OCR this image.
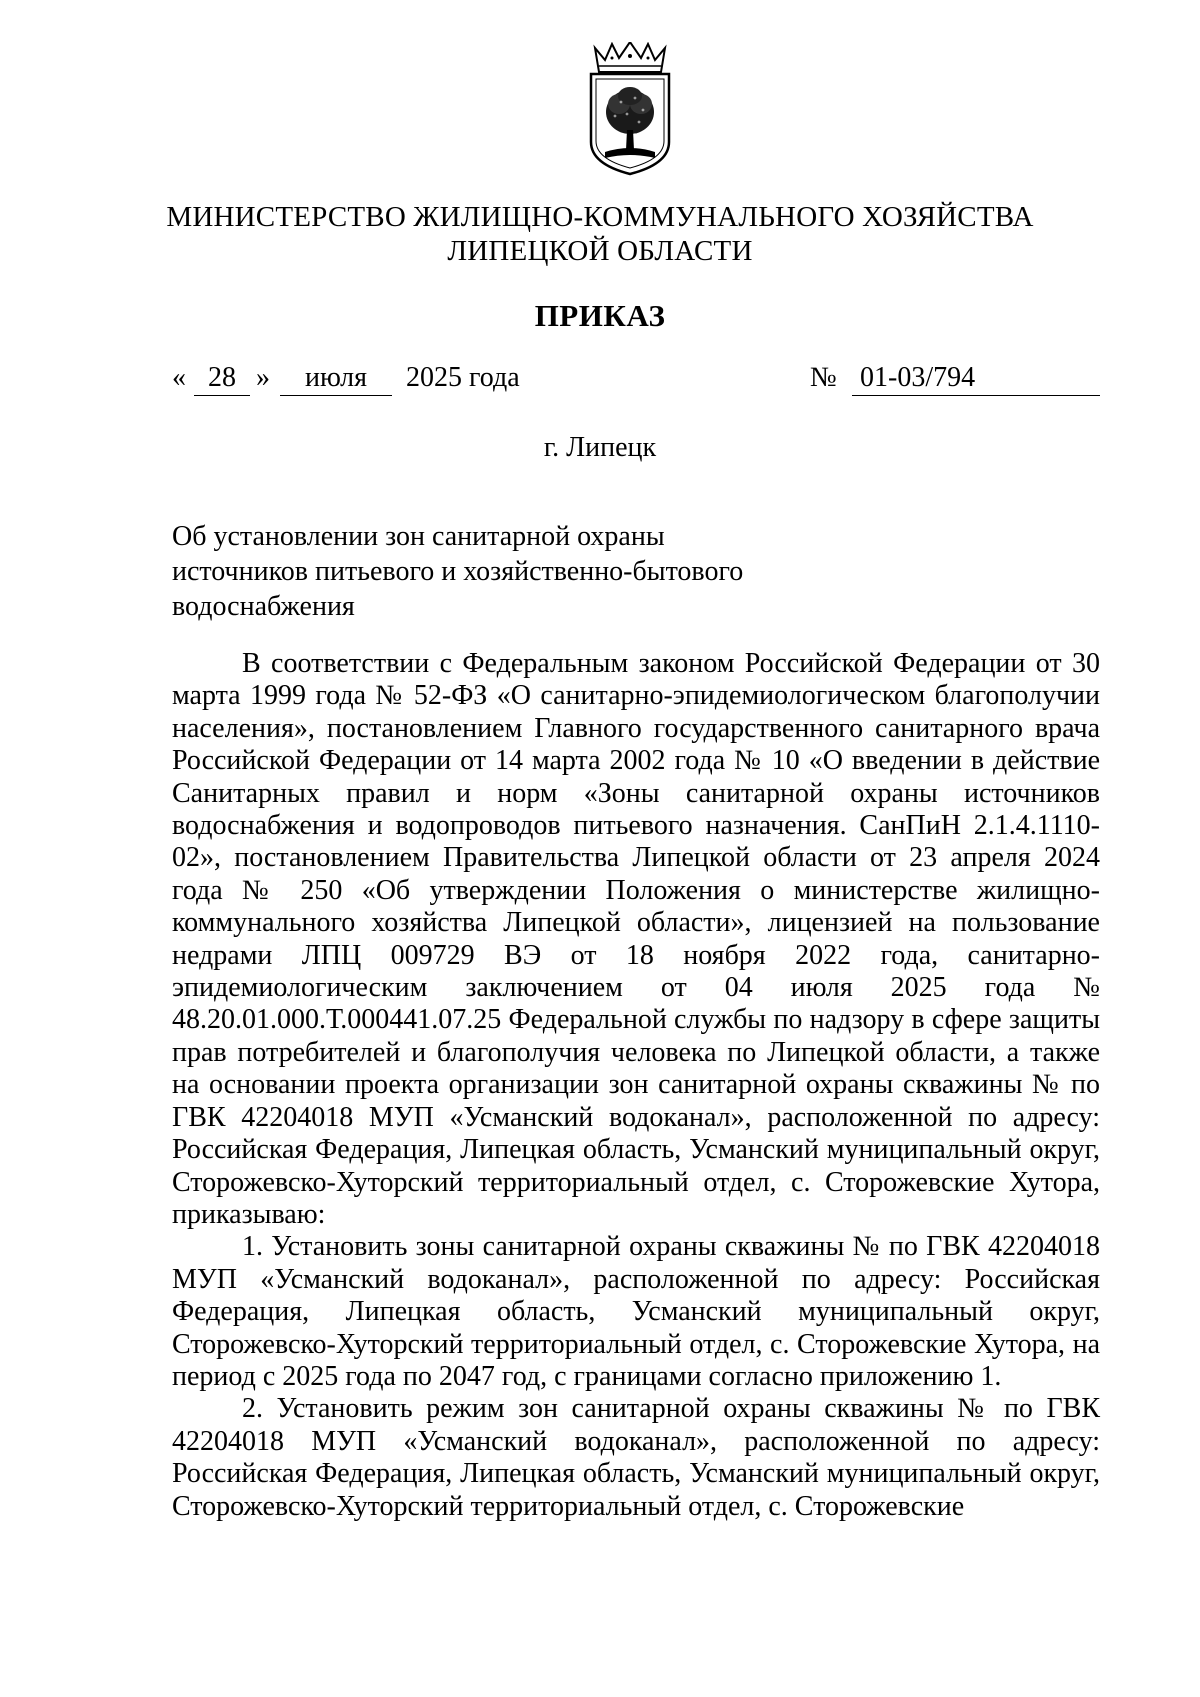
МИНИСТЕРСТВО ЖИЛИЩНО-КОММУНАЛЬНОГО ХОЗЯЙСТВА
ЛИПЕЦКОЙ ОБЛАСТИ
ПРИКАЗ
« 28 »	июля	2025 года	№ 01-03/794
г. Липецк
Об установлении зон санитарной охраны
источников питьевого и хозяйственно-бытового
водоснабжения

В соответствии с Федеральным законом Российской Федерации от 30 марта 1999 года № 52-ФЗ «О санитарно-эпидемиологическом благополучии населения», постановлением Главного государственного санитарного врача Российской Федерации от 14 марта 2002 года № 10 «О введении в действие Санитарных правил и норм «Зоны санитарной охраны источников водоснабжения и водопроводов питьевого назначения. СанПиН 2.1.4.1110-02», постановлением Правительства Липецкой области от 23 апреля 2024 года № 250 «Об утверждении Положения о министерстве жилищно-коммунального хозяйства Липецкой области», лицензией на пользование недрами ЛПЦ 009729 ВЭ от 18 ноября 2022 года, санитарно-эпидемиологическим заключением от 04 июля 2025 года № 48.20.01.000.Т.000441.07.25 Федеральной службы по надзору в сфере защиты прав потребителей и благополучия человека по Липецкой области, а также на основании проекта организации зон санитарной охраны скважины № по ГВК 42204018 МУП «Усманский водоканал», расположенной по адресу: Российская Федерация, Липецкая область, Усманский муниципальный округ, Сторожевско-Хуторский территориальный отдел, с. Сторожевские Хутора, приказываю:

1. Установить зоны санитарной охраны скважины № по ГВК 42204018 МУП «Усманский водоканал», расположенной по адресу: Российская Федерация, Липецкая область, Усманский муниципальный округ, Сторожевско-Хуторский территориальный отдел, с. Сторожевские Хутора, на период с 2025 года по 2047 год, с границами согласно приложению 1.

2. Установить режим зон санитарной охраны скважины № по ГВК 42204018 МУП «Усманский водоканал», расположенной по адресу: Российская Федерация, Липецкая область, Усманский муниципальный округ, Сторожевско-Хуторский территориальный отдел, с. Сторожевские
